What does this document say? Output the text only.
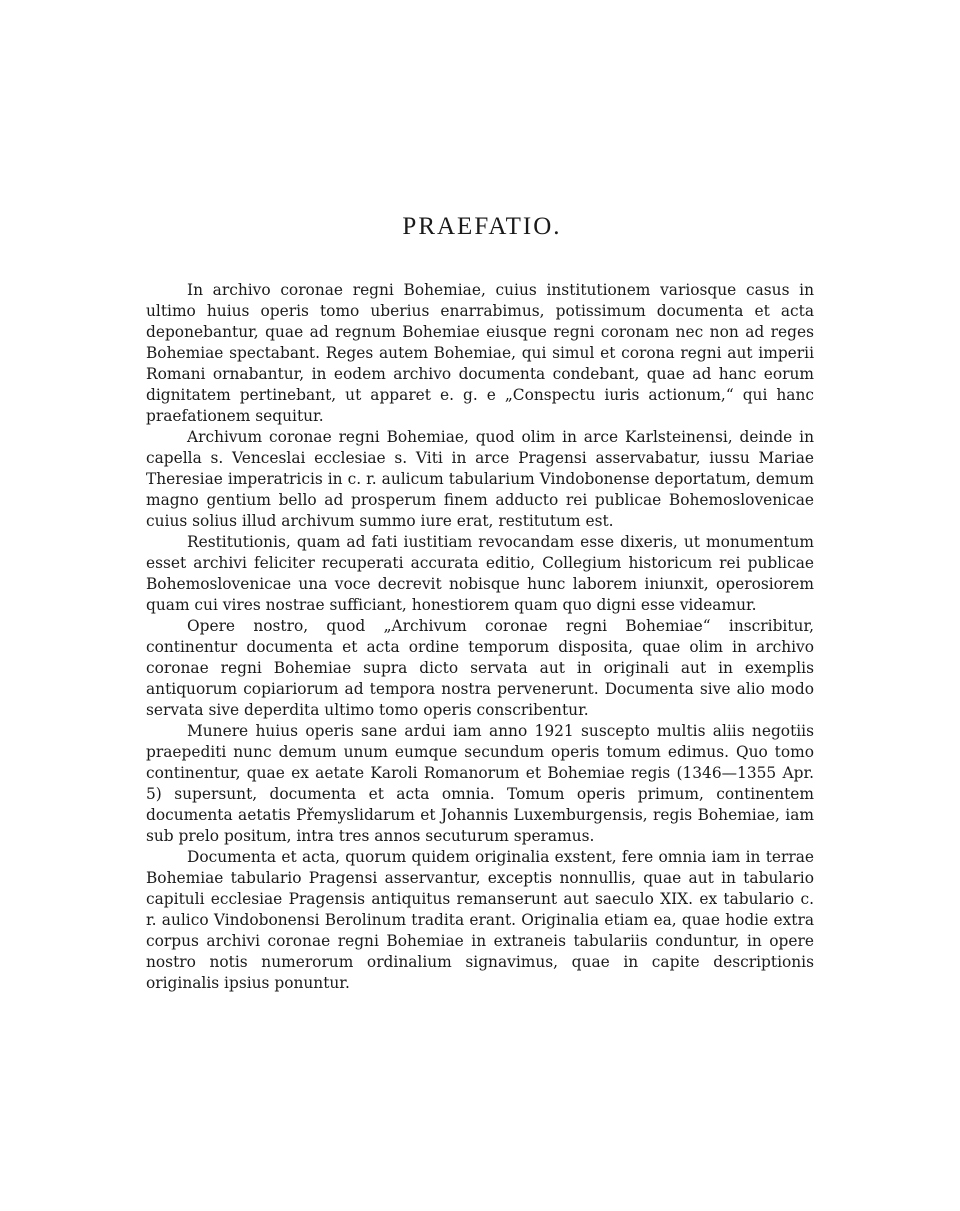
PRAEFATIO.

In archivo coronae regni Bohemiae, cuius institutionem variosque casus in ultimo huius operis tomo uberius enarrabimus, potissimum documenta et acta deponebantur, quae ad regnum Bohemiae eiusque regni coronam nec non ad reges Bohemiae spectabant. Reges autem Bohemiae, qui simul et corona regni aut imperii Romani ornabantur, in eodem archivo documenta condebant, quae ad hanc eorum dignitatem pertinebant, ut apparet e. g. e „Conspectu iuris actionum,“ qui hanc praefationem sequitur.

Archivum coronae regni Bohemiae, quod olim in arce Karlsteinensi, deinde in capella s. Venceslai ecclesiae s. Viti in arce Pragensi asservabatur, iussu Mariae Theresiae imperatricis in c. r. aulicum tabularium Vindobonense deportatum, demum magno gentium bello ad prosperum finem adducto rei publicae Bohemoslovenicae cuius solius illud archivum summo iure erat, restitutum est.

Restitutionis, quam ad fati iustitiam revocandam esse dixeris, ut monumentum esset archivi feliciter recuperati accurata editio, Collegium historicum rei publicae Bohemoslovenicae una voce decrevit nobisque hunc laborem iniunxit, operosiorem quam cui vires nostrae sufficiant, honestiorem quam quo digni esse videamur.

Opere nostro, quod „Archivum coronae regni Bohemiae“ inscribitur, continentur documenta et acta ordine temporum disposita, quae olim in archivo coronae regni Bohemiae supra dicto servata aut in originali aut in exemplis antiquorum copiariorum ad tempora nostra pervenerunt. Documenta sive alio modo servata sive deperdita ultimo tomo operis conscribentur.

Munere huius operis sane ardui iam anno 1921 suscepto multis aliis negotiis praepediti nunc demum unum eumque secundum operis tomum edimus. Quo tomo continentur, quae ex aetate Karoli Romanorum et Bohemiae regis (1346—1355 Apr. 5) supersunt, documenta et acta omnia. Tomum operis primum, continentem documenta aetatis Přemyslidarum et Johannis Luxemburgensis, regis Bohemiae, iam sub prelo positum, intra tres annos secuturum speramus.

Documenta et acta, quorum quidem originalia exstent, fere omnia iam in terrae Bohemiae tabulario Pragensi asservantur, exceptis nonnullis, quae aut in tabulario capituli ecclesiae Pragensis antiquitus remanserunt aut saeculo XIX. ex tabulario c. r. aulico Vindobonensi Berolinum tradita erant. Originalia etiam ea, quae hodie extra corpus archivi coronae regni Bohemiae in extraneis tabulariis conduntur, in opere nostro notis numerorum ordinalium signavimus, quae in capite descriptionis originalis ipsius ponuntur.
